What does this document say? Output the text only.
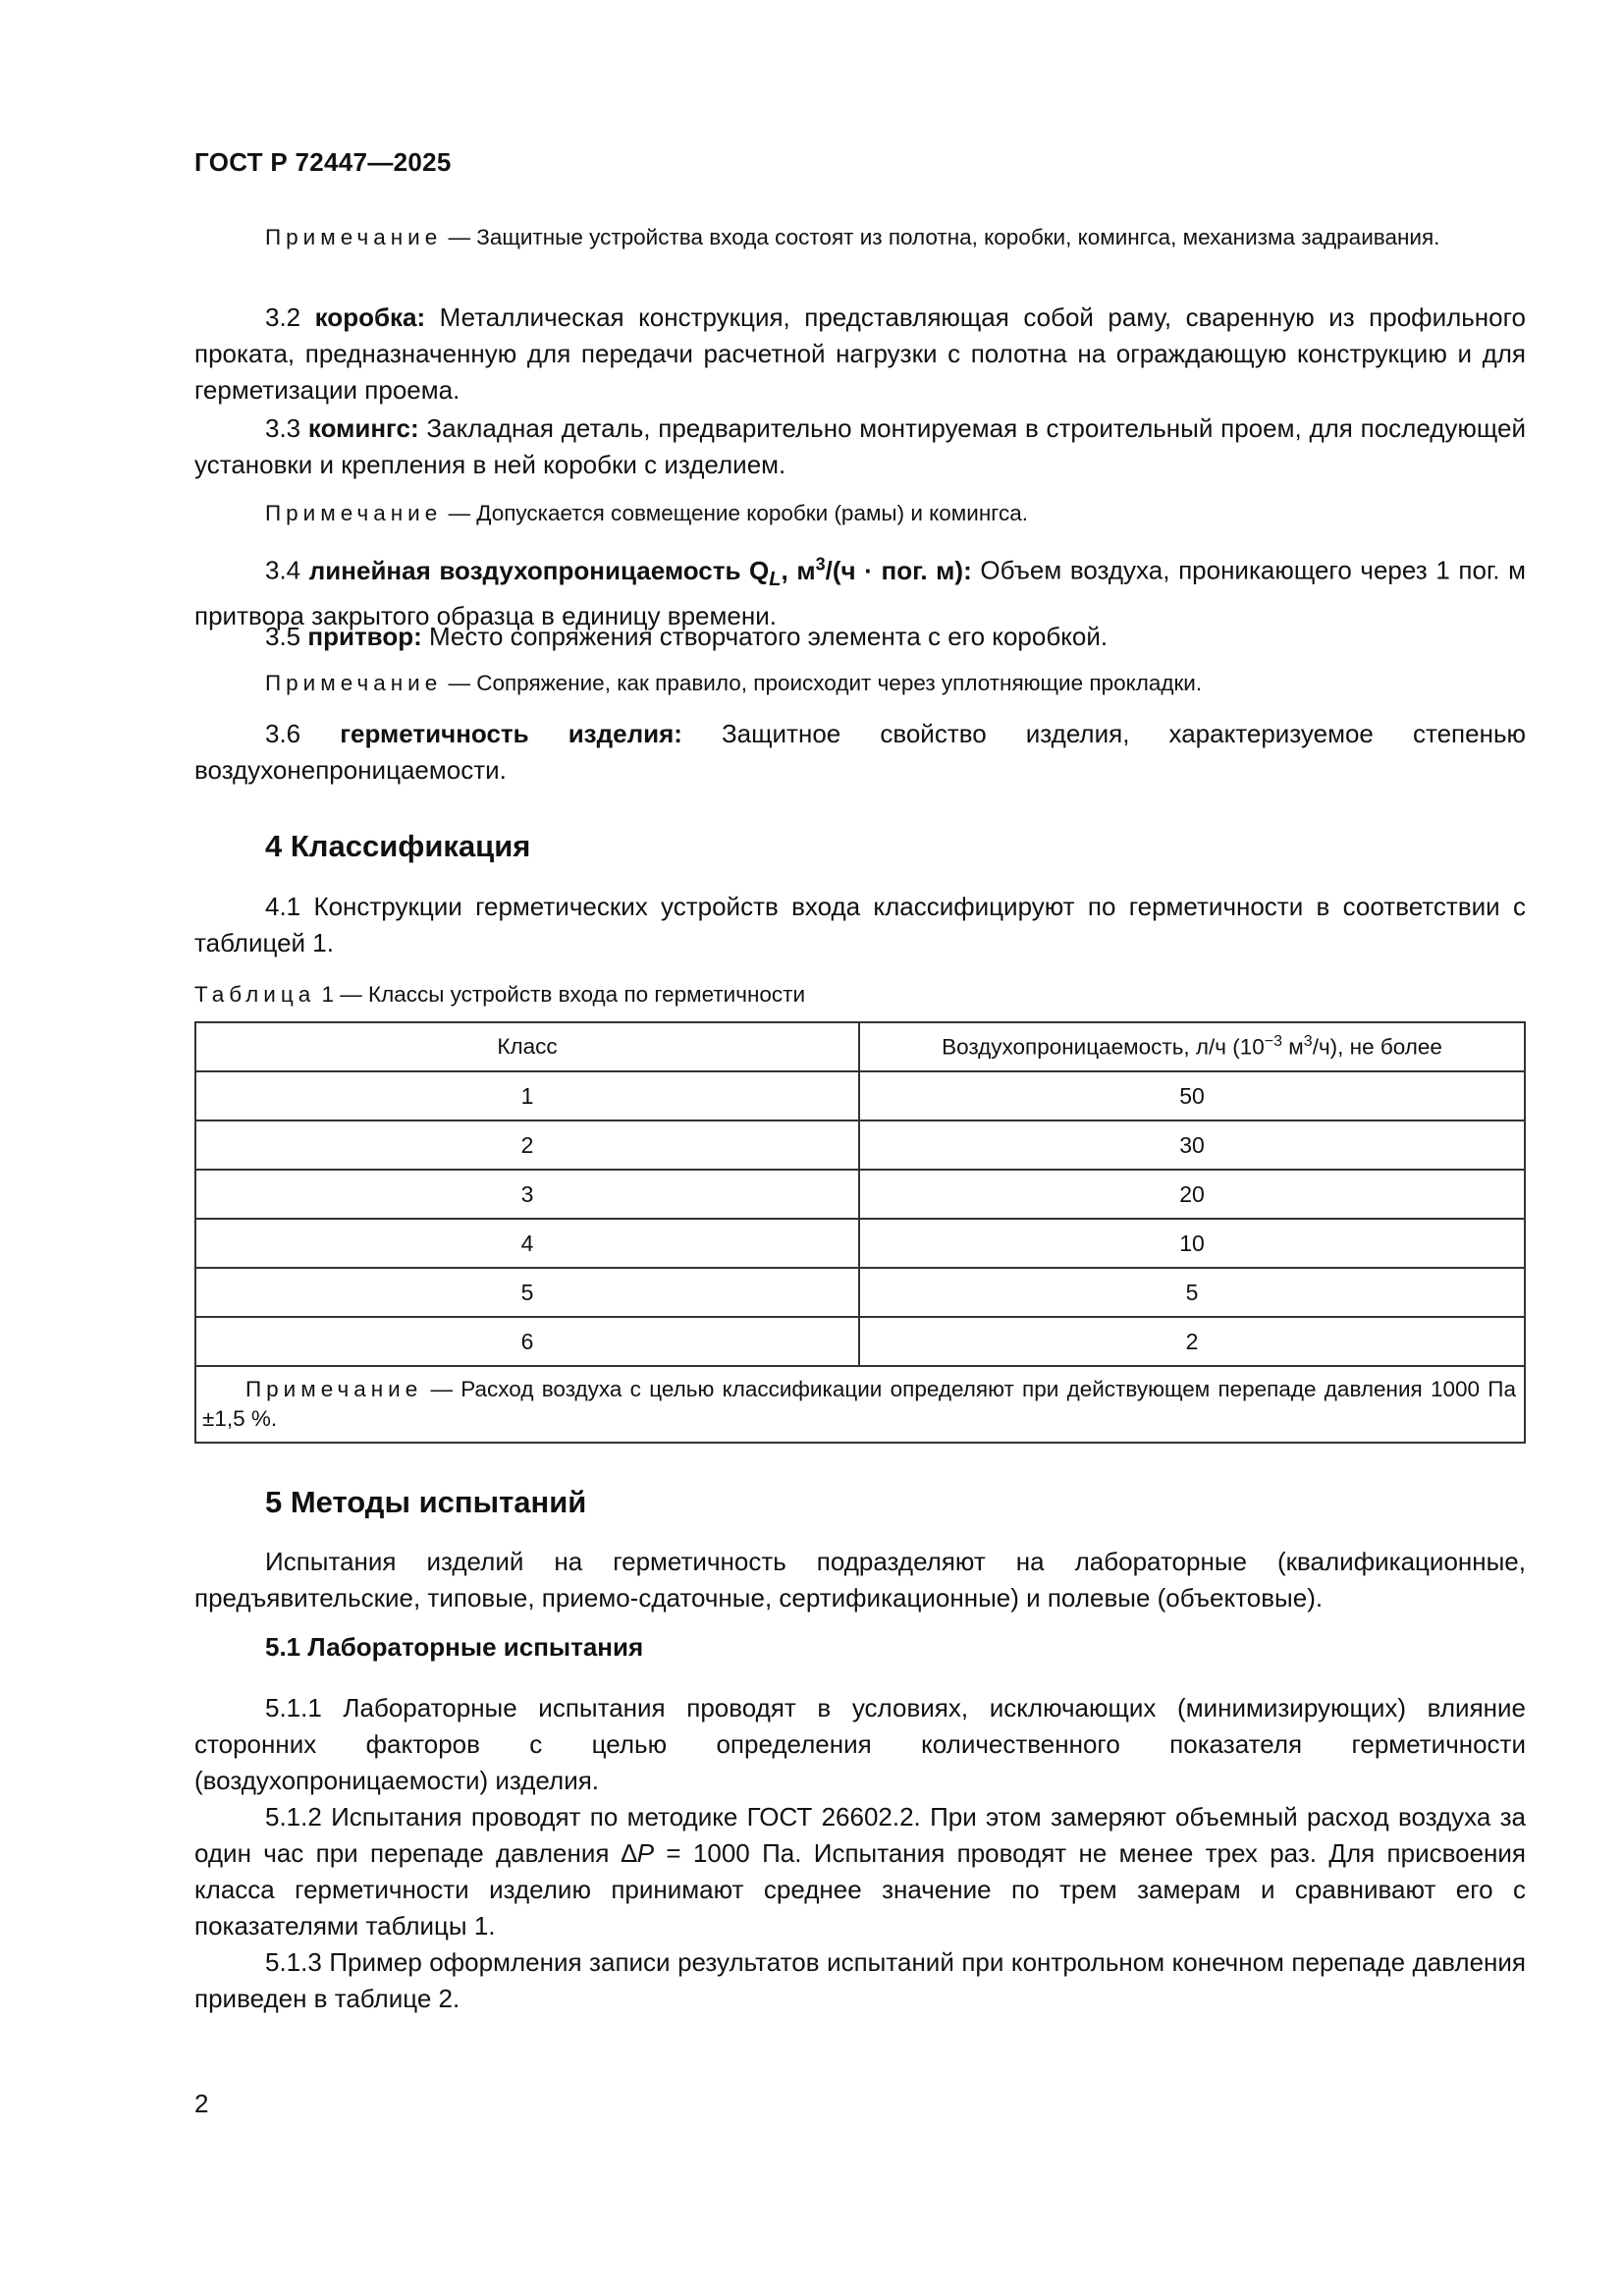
ГОСТ Р 72447—2025

Примечание — Защитные устройства входа состоят из полотна, коробки, комингса, механизма задраивания.

3.2 коробка: Металлическая конструкция, представляющая собой раму, сваренную из профильного проката, предназначенную для передачи расчетной нагрузки с полотна на ограждающую конструкцию и для герметизации проема.

3.3 комингс: Закладная деталь, предварительно монтируемая в строительный проем, для последующей установки и крепления в ней коробки с изделием.

Примечание — Допускается совмещение коробки (рамы) и комингса.

3.4 линейная воздухопроницаемость $Q_L$, $м^3/(ч$ · пог. м): Объем воздуха, проникающего через 1 пог. м притвора закрытого образца в единицу времени.

3.5 притвор: Место сопряжения створчатого элемента с его коробкой.

Примечание — Сопряжение, как правило, происходит через уплотняющие прокладки.

3.6 герметичность изделия: Защитное свойство изделия, характеризуемое степенью воздухонепроницаемости.

4 Классификация

4.1 Конструкции герметических устройств входа классифицируют по герметичности в соответствии с таблицей 1.

Таблица 1 — Классы устройств входа по герметичности
Класс	Воздухопроницаемость, л/ч ($10^{-3}$ $м^3/ч$), не более
1	50
2	30
3	20
4	10
5	5
6	2
Примечание — Расход воздуха с целью классификации определяют при действующем перепаде давления 1000 Па ±1,5 %.	
5 Методы испытаний

Испытания изделий на герметичность подразделяют на лабораторные (квалификационные, предъявительские, типовые, приемо-сдаточные, сертификационные) и полевые (объектовые).

5.1 Лабораторные испытания

5.1.1 Лабораторные испытания проводят в условиях, исключающих (минимизирующих) влияние сторонних факторов с целью определения количественного показателя герметичности (воздухопроницаемости) изделия.

5.1.2 Испытания проводят по методике ГОСТ 26602.2. При этом замеряют объемный расход воздуха за один час при перепаде давления ∆P = 1000 Па. Испытания проводят не менее трех раз. Для присвоения класса герметичности изделию принимают среднее значение по трем замерам и сравнивают его с показателями таблицы 1.

5.1.3 Пример оформления записи результатов испытаний при контрольном конечном перепаде давления приведен в таблице 2.

2
